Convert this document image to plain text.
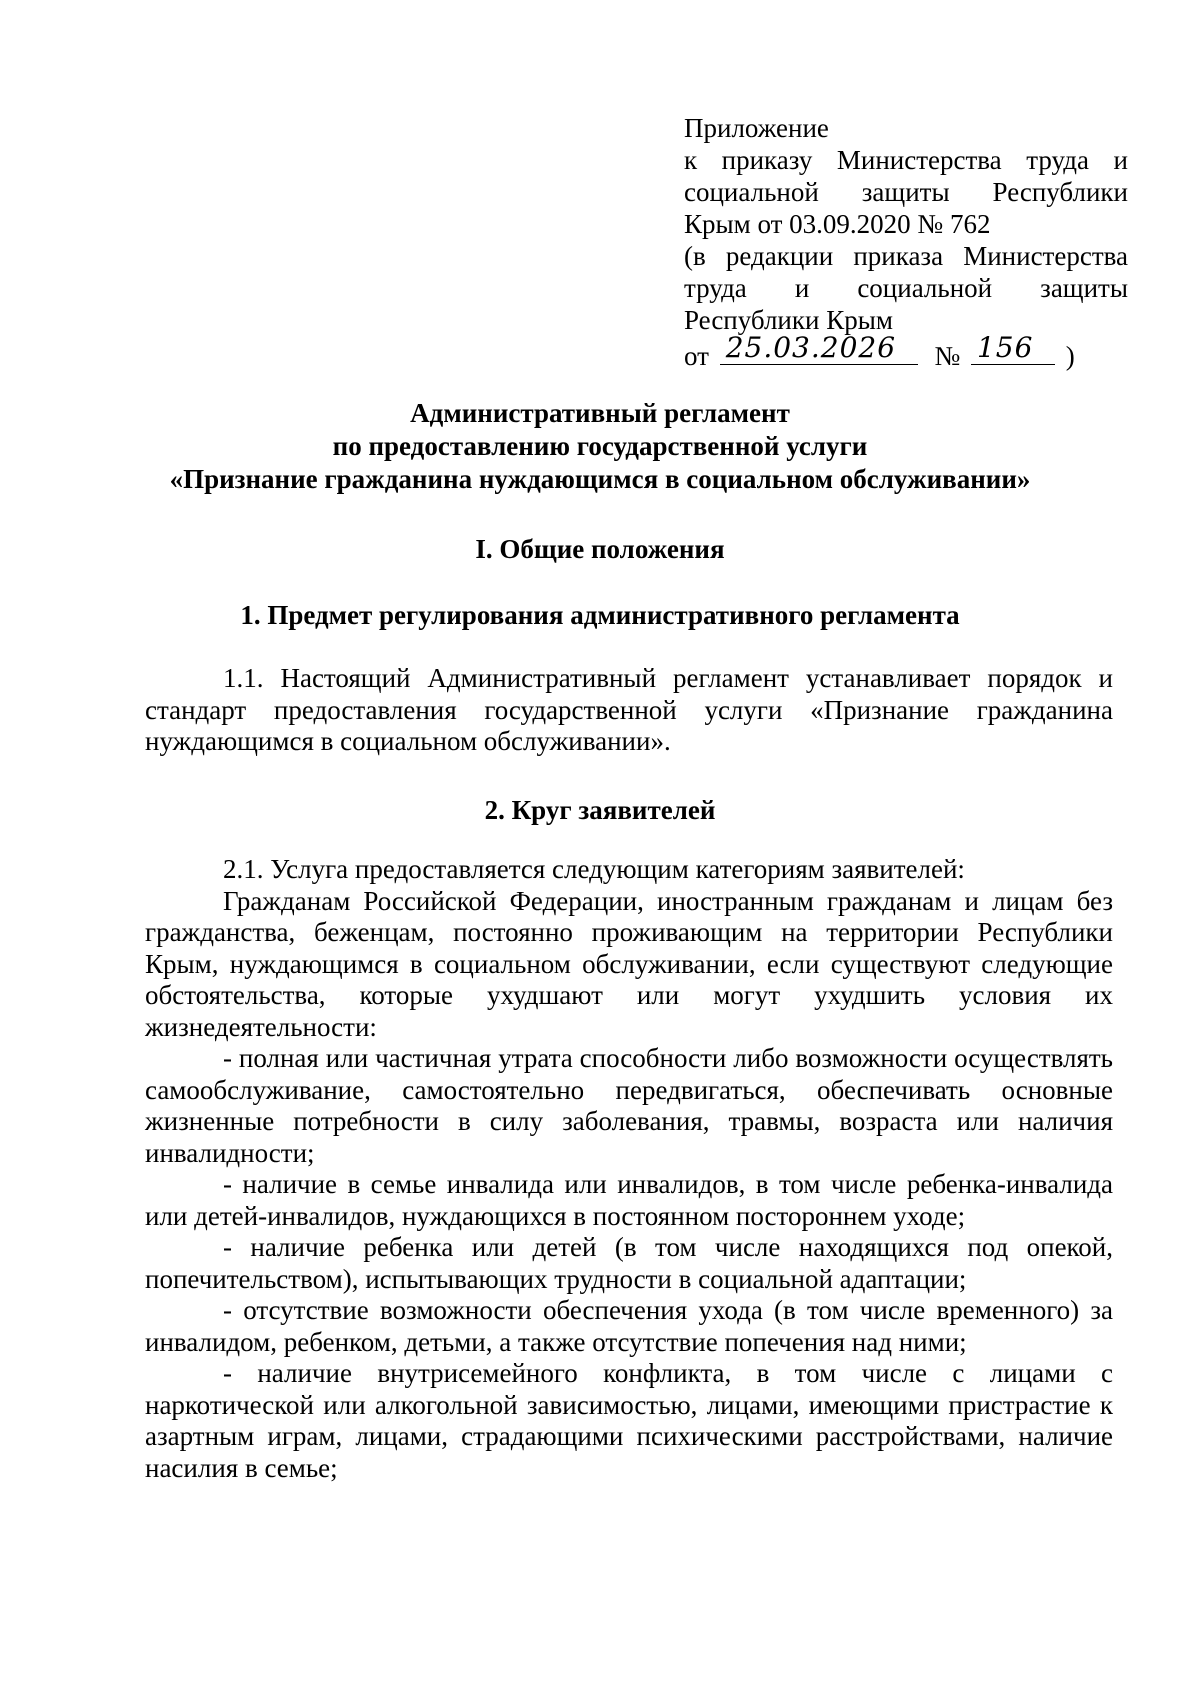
Приложение
к приказу Министерства труда и
социальной защиты Республики
Крым от 03.09.2020 № 762
(в редакции приказа Министерства
труда и социальной защиты
Республики Крым
от 25.03.2026 № 156 )
Административный регламент
по предоставлению государственной услуги
«Признание гражданина нуждающимся в социальном обслуживании»
I. Общие положения
1. Предмет регулирования административного регламента

1.1. Настоящий Административный регламент устанавливает порядок и стандарт предоставления государственной услуги «Признание гражданина нуждающимся в социальном обслуживании».

2. Круг заявителей

2.1. Услуга предоставляется следующим категориям заявителей:

Гражданам Российской Федерации, иностранным гражданам и лицам без гражданства, беженцам, постоянно проживающим на территории Республики Крым, нуждающимся в социальном обслуживании, если существуют следующие обстоятельства, которые ухудшают или могут ухудшить условия их жизнедеятельности:

- полная или частичная утрата способности либо возможности осуществлять самообслуживание, самостоятельно передвигаться, обеспечивать основные жизненные потребности в силу заболевания, травмы, возраста или наличия инвалидности;

- наличие в семье инвалида или инвалидов, в том числе ребенка-инвалида или детей-инвалидов, нуждающихся в постоянном постороннем уходе;

- наличие ребенка или детей (в том числе находящихся под опекой, попечительством), испытывающих трудности в социальной адаптации;

- отсутствие возможности обеспечения ухода (в том числе временного) за инвалидом, ребенком, детьми, а также отсутствие попечения над ними;

- наличие внутрисемейного конфликта, в том числе с лицами с наркотической или алкогольной зависимостью, лицами, имеющими пристрастие к азартным играм, лицами, страдающими психическими расстройствами, наличие насилия в семье;
